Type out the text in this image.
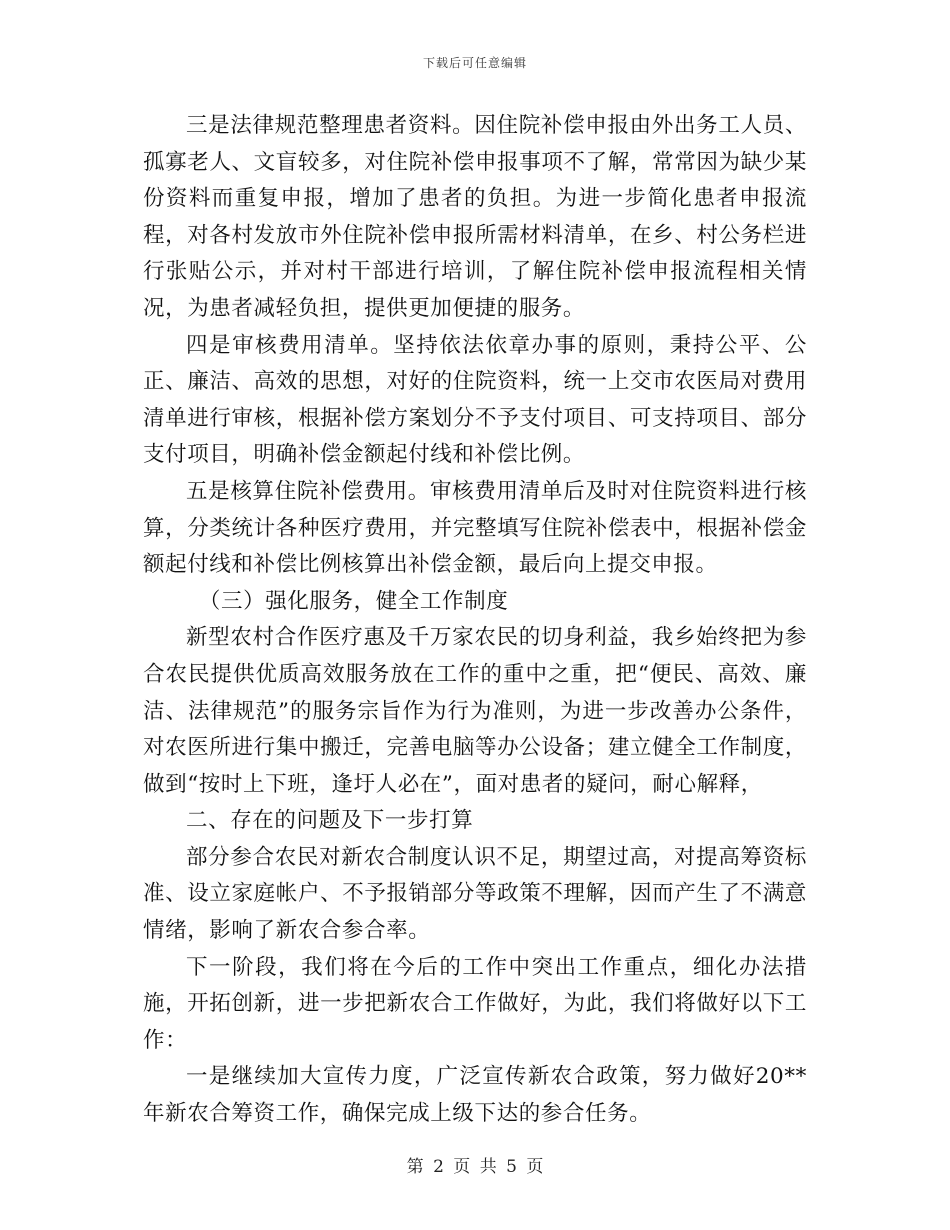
下载后可任意编辑

三是法律规范整理患者资料。因住院补偿申报由外出务工人员、孤寡老人、文盲较多，对住院补偿申报事项不了解，常常因为缺少某份资料而重复申报，增加了患者的负担。为进一步简化患者申报流程，对各村发放市外住院补偿申报所需材料清单，在乡、村公务栏进行张贴公示，并对村干部进行培训，了解住院补偿申报流程相关情况，为患者减轻负担，提供更加便捷的服务。

四是审核费用清单。坚持依法依章办事的原则，秉持公平、公正、廉洁、高效的思想，对好的住院资料，统一上交市农医局对费用清单进行审核，根据补偿方案划分不予支付项目、可支持项目、部分支付项目，明确补偿金额起付线和补偿比例。

五是核算住院补偿费用。审核费用清单后及时对住院资料进行核算，分类统计各种医疗费用，并完整填写住院补偿表中，根据补偿金额起付线和补偿比例核算出补偿金额，最后向上提交申报。

（三）强化服务，健全工作制度

新型农村合作医疗惠及千万家农民的切身利益，我乡始终把为参合农民提供优质高效服务放在工作的重中之重，把“便民、高效、廉洁、法律规范”的服务宗旨作为行为准则，为进一步改善办公条件，对农医所进行集中搬迁，完善电脑等办公设备；建立健全工作制度，做到“按时上下班，逢圩人必在”，面对患者的疑问，耐心解释，

二、存在的问题及下一步打算

部分参合农民对新农合制度认识不足，期望过高，对提高筹资标准、设立家庭帐户、不予报销部分等政策不理解，因而产生了不满意情绪，影响了新农合参合率。

下一阶段，我们将在今后的工作中突出工作重点，细化办法措施，开拓创新，进一步把新农合工作做好，为此，我们将做好以下工作：

一是继续加大宣传力度，广泛宣传新农合政策，努力做好20**年新农合筹资工作，确保完成上级下达的参合任务。

第 2 页 共 5 页
